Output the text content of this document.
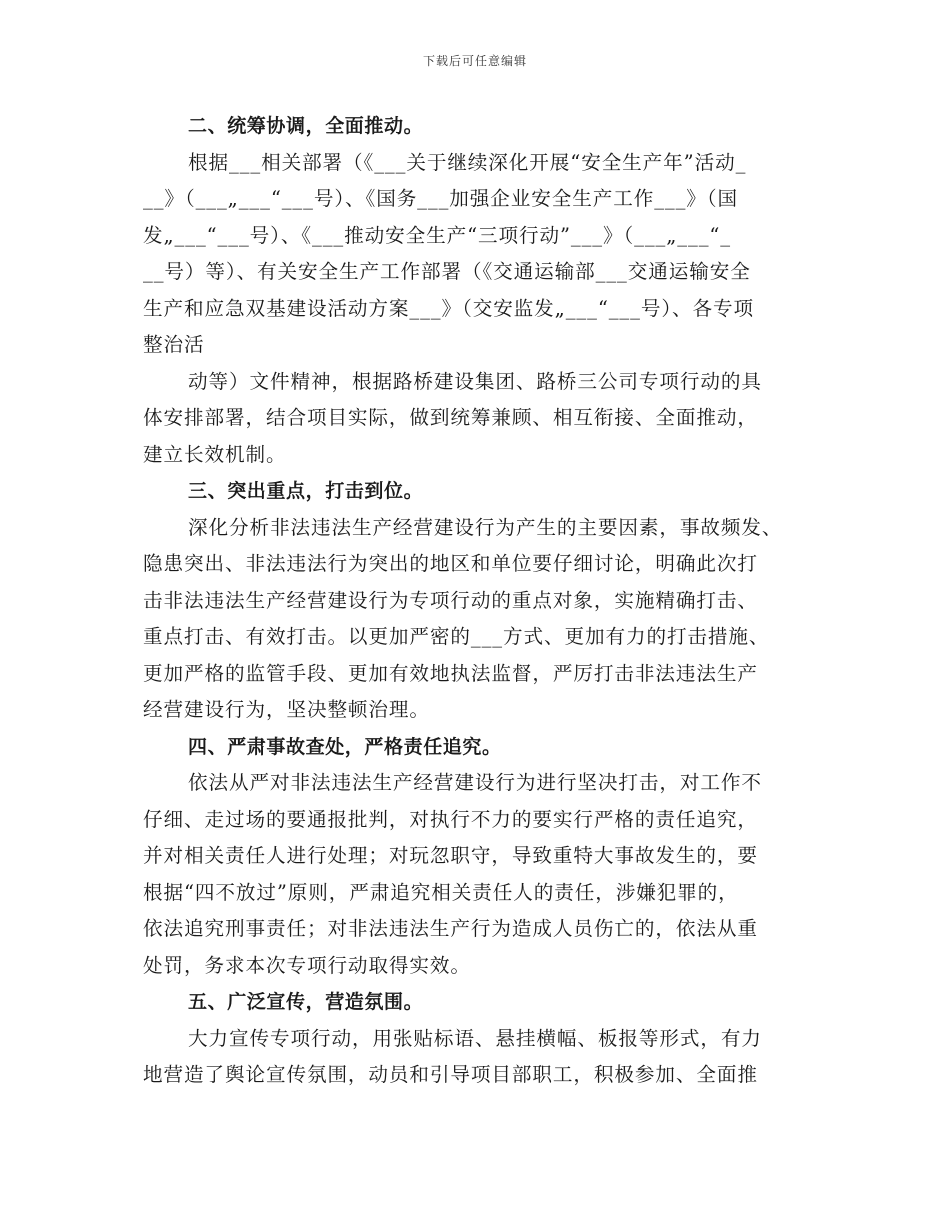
下载后可任意编辑

二、统筹协调，全面推动。

根据___相关部署（《___关于继续深化开展“安全生产年”活动_

__》（___„___“___号）、《国务___加强企业安全生产工作___》（国

发„___“___号）、《___推动安全生产“三项行动”___》（___„___“_

__号）等）、有关安全生产工作部署（《交通运输部___交通运输安全

生产和应急双基建设活动方案___》（交安监发„___“___号）、各专项

整治活

动等）文件精神，根据路桥建设集团、路桥三公司专项行动的具

体安排部署，结合项目实际，做到统筹兼顾、相互衔接、全面推动，

建立长效机制。

三、突出重点，打击到位。

深化分析非法违法生产经营建设行为产生的主要因素，事故频发、

隐患突出、非法违法行为突出的地区和单位要仔细讨论，明确此次打

击非法违法生产经营建设行为专项行动的重点对象，实施精确打击、

重点打击、有效打击。以更加严密的___方式、更加有力的打击措施、

更加严格的监管手段、更加有效地执法监督，严厉打击非法违法生产

经营建设行为，坚决整顿治理。

四、严肃事故查处，严格责任追究。

依法从严对非法违法生产经营建设行为进行坚决打击，对工作不

仔细、走过场的要通报批判，对执行不力的要实行严格的责任追究，

并对相关责任人进行处理；对玩忽职守，导致重特大事故发生的，要

根据“四不放过”原则，严肃追究相关责任人的责任，涉嫌犯罪的，

依法追究刑事责任；对非法违法生产行为造成人员伤亡的，依法从重

处罚，务求本次专项行动取得实效。

五、广泛宣传，营造氛围。

大力宣传专项行动，用张贴标语、悬挂横幅、板报等形式，有力

地营造了舆论宣传氛围，动员和引导项目部职工，积极参加、全面推
